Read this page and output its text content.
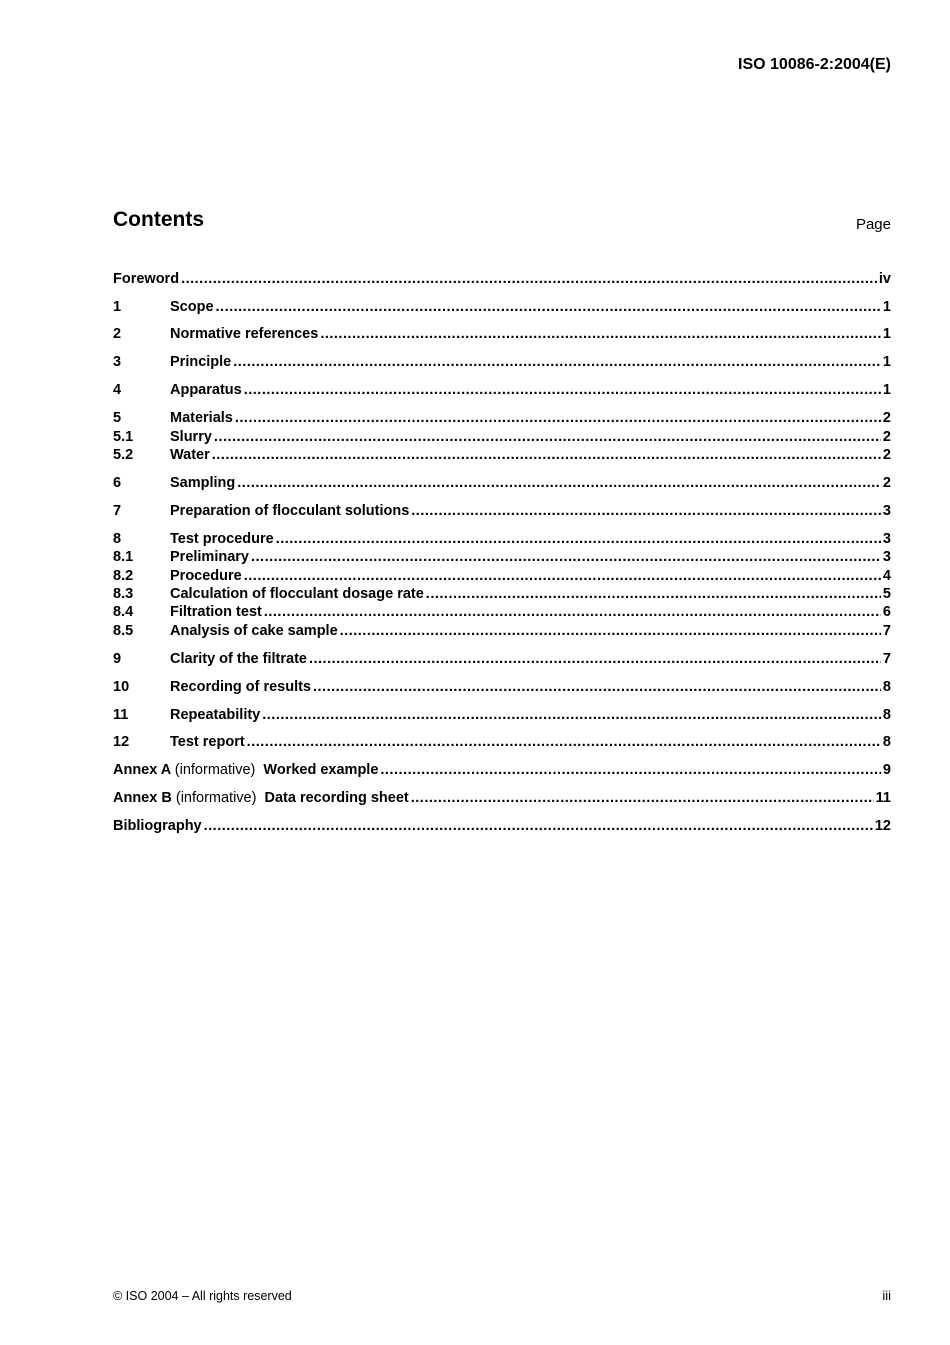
ISO 10086-2:2004(E)
Contents	Page
Foreword .....	iv
1	Scope .....	1
2	Normative references .....	1
3	Principle .....	1
4	Apparatus .....	1
5	Materials .....	2
5.1	Slurry .....	2
5.2	Water .....	2
6	Sampling .....	2
7	Preparation of flocculant solutions .....	3
8	Test procedure .....	3
8.1	Preliminary .....	3
8.2	Procedure .....	4
8.3	Calculation of flocculant dosage rate .....	5
8.4	Filtration test .....	6
8.5	Analysis of cake sample .....	7
9	Clarity of the filtrate .....	7
10	Recording of results .....	8
11	Repeatability .....	8
12	Test report .....	8
Annex A (informative) Worked example .....	9
Annex B (informative) Data recording sheet .....	11
Bibliography .....	12
© ISO 2004 – All rights reserved	iii
